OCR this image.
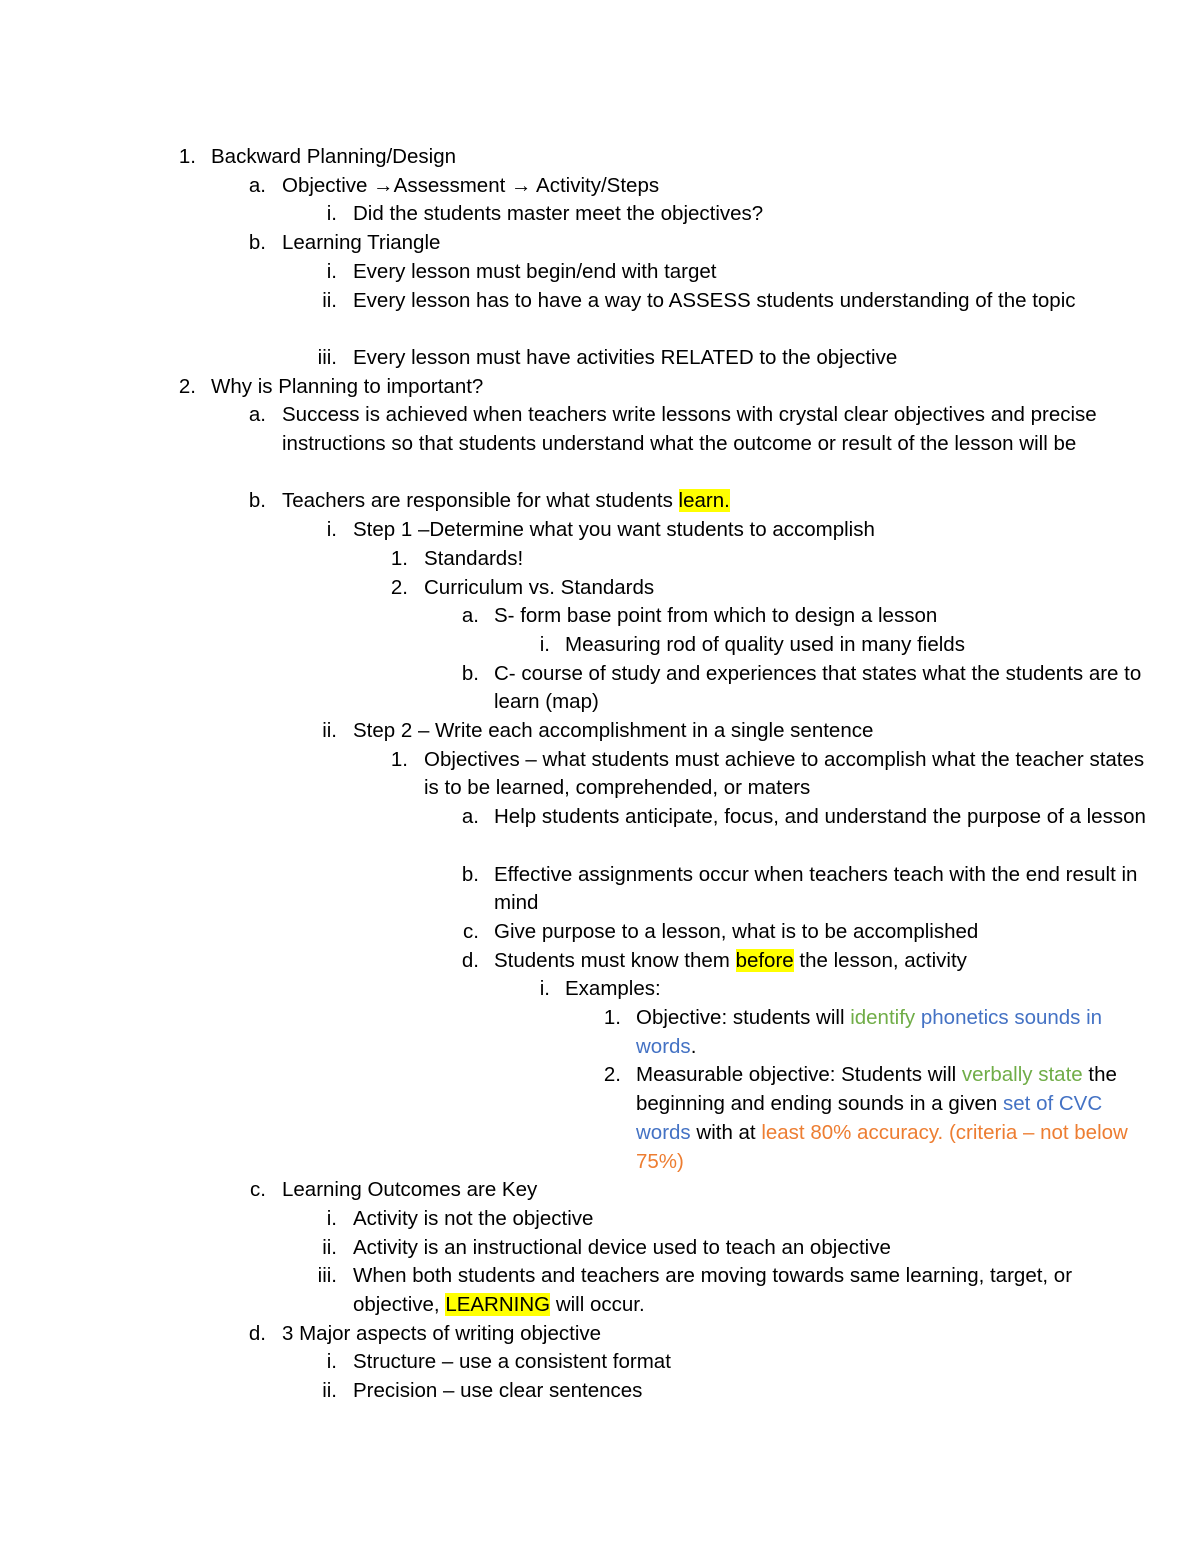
1. Backward Planning/Design
a. Objective →Assessment → Activity/Steps
i. Did the students master meet the objectives?
b. Learning Triangle
i. Every lesson must begin/end with target
ii. Every lesson has to have a way to ASSESS students understanding of the topic
iii. Every lesson must have activities RELATED to the objective
2. Why is Planning to important?
a. Success is achieved when teachers write lessons with crystal clear objectives and precise instructions so that students understand what the outcome or result of the lesson will be
b. Teachers are responsible for what students learn.
i. Step 1 –Determine what you want students to accomplish
1. Standards!
2. Curriculum vs. Standards
a. S- form base point from which to design a lesson
i. Measuring rod of quality used in many fields
b. C- course of study and experiences that states what the students are to learn (map)
ii. Step 2 – Write each accomplishment in a single sentence
1. Objectives – what students must achieve to accomplish what the teacher states is to be learned, comprehended, or maters
a. Help students anticipate, focus, and understand the purpose of a lesson
b. Effective assignments occur when teachers teach with the end result in mind
c. Give purpose to a lesson, what is to be accomplished
d. Students must know them before the lesson, activity
i. Examples:
1. Objective: students will identify phonetics sounds in words.
2. Measurable objective: Students will verbally state the beginning and ending sounds in a given set of CVC words with at least 80% accuracy. (criteria – not below 75%)
c. Learning Outcomes are Key
i. Activity is not the objective
ii. Activity is an instructional device used to teach an objective
iii. When both students and teachers are moving towards same learning, target, or objective, LEARNING will occur.
d. 3 Major aspects of writing objective
i. Structure – use a consistent format
ii. Precision – use clear sentences
